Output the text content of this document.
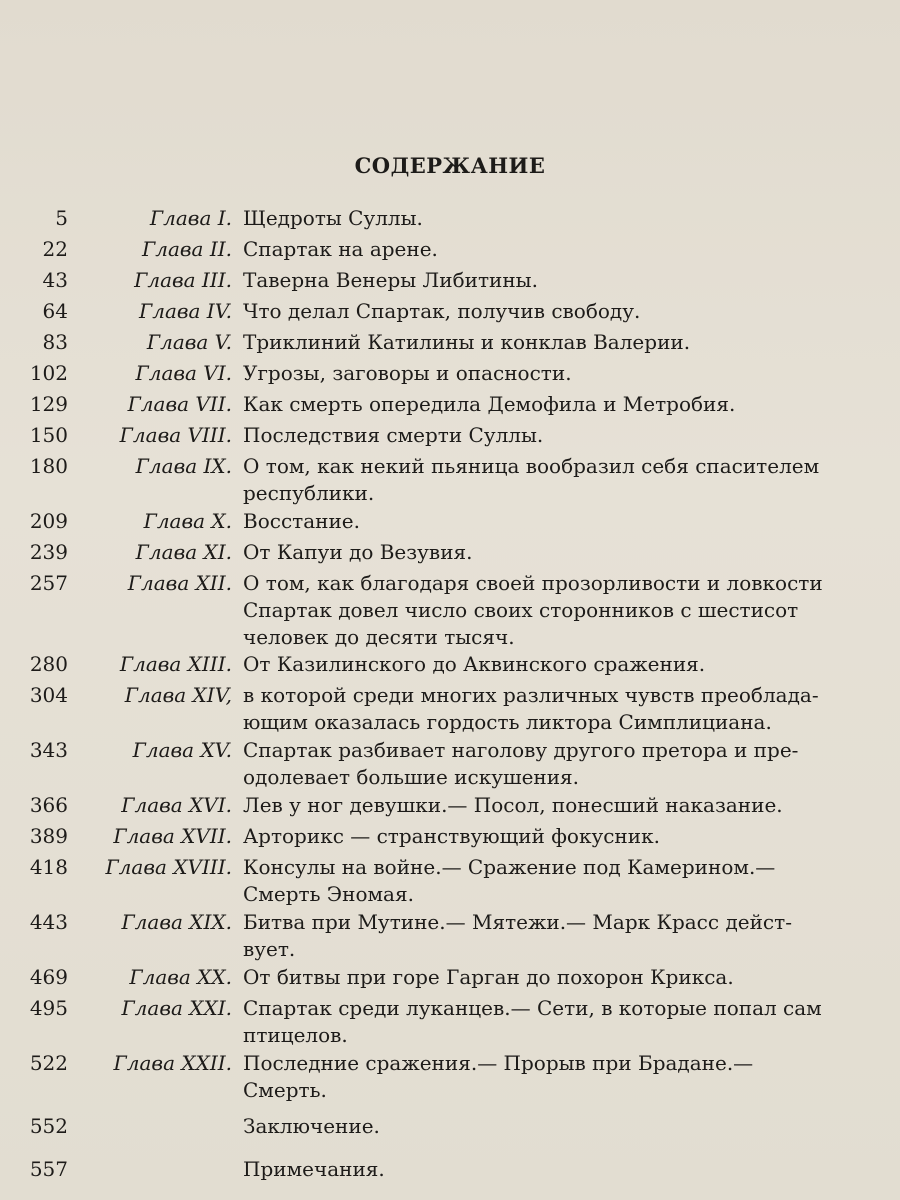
СОДЕРЖАНИЕ
5	Глава I. Щедроты Суллы.
22	Глава II. Спартак на арене.
43	Глава III. Таверна Венеры Либитины.
64	Глава IV. Что делал Спартак, получив свободу.
83	Глава V. Триклиний Катилины и конклав Валерии.
102	Глава VI. Угрозы, заговоры и опасности.
129	Глава VII. Как смерть опередила Демофила и Метробия.
150	Глава VIII. Последствия смерти Суллы.
180	Глава IX. О том, как некий пьяница вообразил себя спасителем
республики.
209	Глава X. Восстание.
239	Глава XI. От Капуи до Везувия.
257	Глава XII. О том, как благодаря своей прозорливости и ловкости
Спартак довел число своих сторонников с шестисот
человек до десяти тысяч.
280	Глава XIII. От Казилинского до Аквинского сражения.
304	Глава XIV, в которой среди многих различных чувств преоблада-
ющим оказалась гордость ликтора Симплициана.
343	Глава XV. Спартак разбивает наголову другого претора и пре-
одолевает большие искушения.
366	Глава XVI. Лев у ног девушки.— Посол, понесший наказание.
389 Глава XVII. Арторикс — странствующий фокусник.
418 Глава XVIII. Консулы на войне.— Сражение под Камерином.—
Смерть Эномая.
443	Глава XIX. Битва при Мутине.— Мятежи.— Марк Красс дейст-
вует.
469	Глава XX. От битвы при горе Гарган до похорон Крикса.
495	Глава XXI. Спартак среди луканцев.— Сети, в которые попал сам
птицелов.
522 Глава XXII. Последние сражения.— Прорыв при Брадане.—
Смерть.
552	Заключение.
557	Примечания.
